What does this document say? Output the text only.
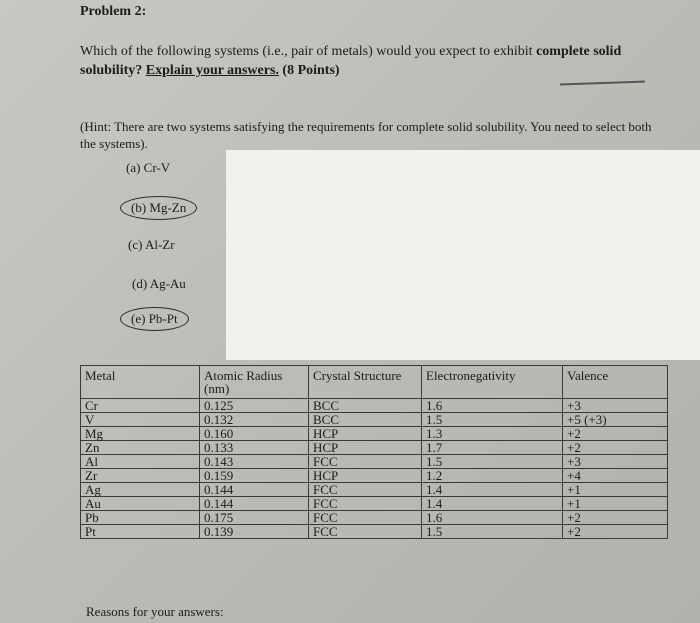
Problem 2:
Which of the following systems (i.e., pair of metals) would you expect to exhibit complete solid solubility? Explain your answers. (8 Points)
(Hint: There are two systems satisfying the requirements for complete solid solubility. You need to select both the systems).
(a) Cr-V
(b) Mg-Zn
(c) Al-Zr
(d) Ag-Au
(e) Pb-Pt
Metal	Atomic Radius (nm)	Crystal Structure	Electronegativity	Valence
Cr	0.125	BCC	1.6	+3
V	0.132	BCC	1.5	+5 (+3)
Mg	0.160	HCP	1.3	+2
Zn	0.133	HCP	1.7	+2
Al	0.143	FCC	1.5	+3
Zr	0.159	HCP	1.2	+4
Ag	0.144	FCC	1.4	+1
Au	0.144	FCC	1.4	+1
Pb	0.175	FCC	1.6	+2
Pt	0.139	FCC	1.5	+2
Reasons for your answers:
